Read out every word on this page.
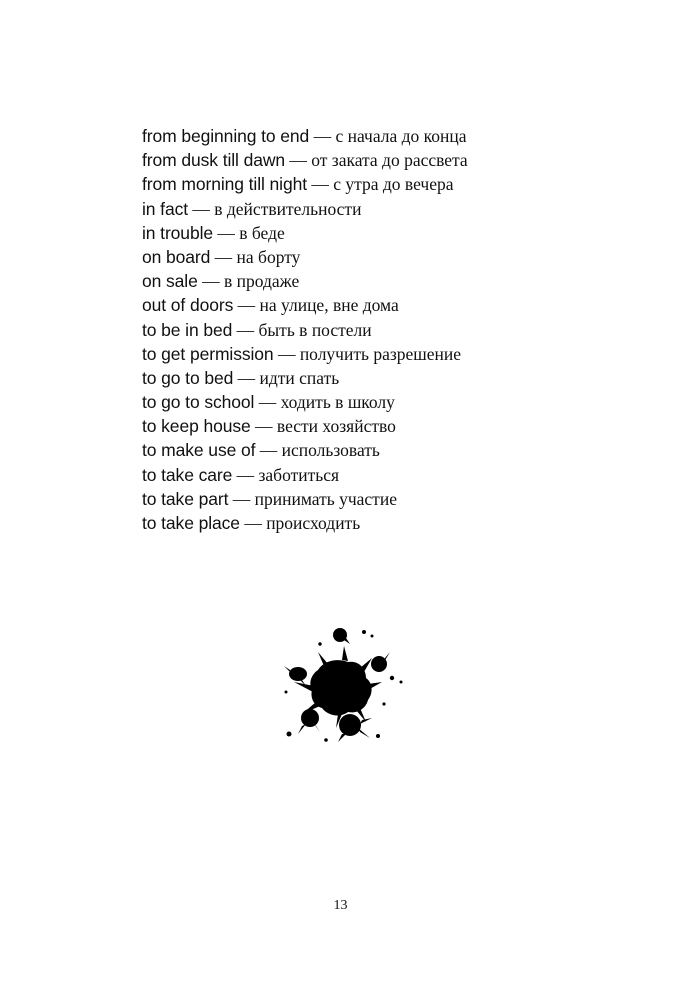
from beginning to end — с начала до конца
from dusk till dawn — от заката до рассвета
from morning till night — с утра до вечера
in fact — в действительности
in trouble — в беде
on board — на борту
on sale — в продаже
out of doors — на улице, вне дома
to be in bed — быть в постели
to get permission — получить разрешение
to go to bed — идти спать
to go to school — ходить в школу
to keep house — вести хозяйство
to make use of — использовать
to take care — заботиться
to take part — принимать участие
to take place — происходить
13
